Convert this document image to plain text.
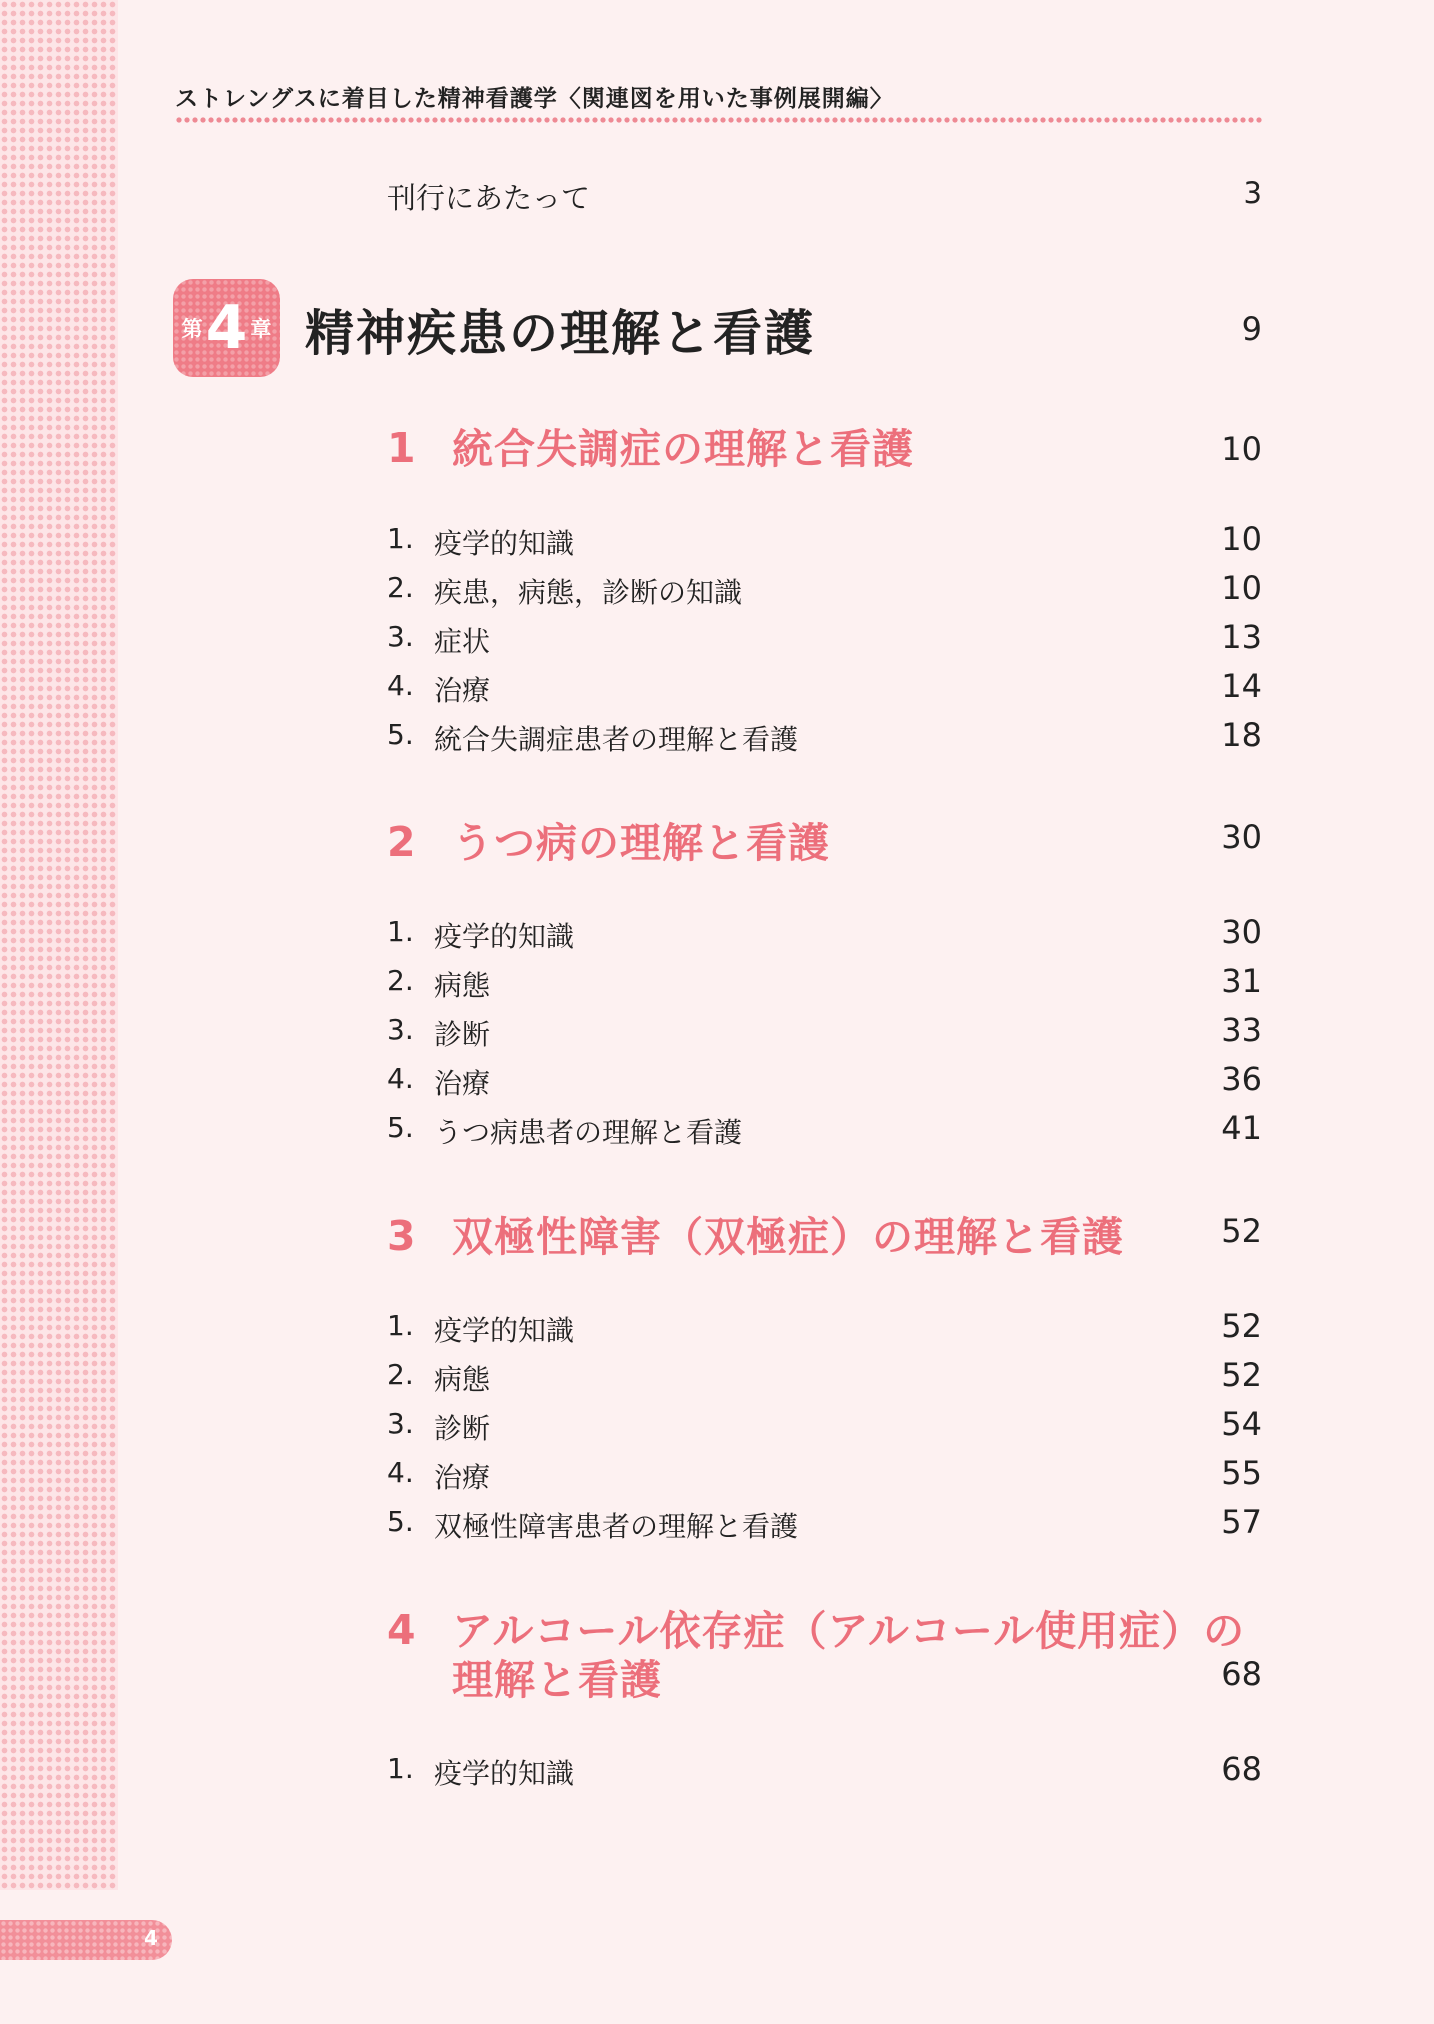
ストレングスに着目した精神看護学〈関連図を用いた事例展開編〉
刊行にあたって	3
第 4 章 精神疾患の理解と看護	9
1 統合失調症の理解と看護	10
1. 疫学的知識	10
2. 疾患，病態，診断の知識	10
3. 症状	13
4. 治療	14
5. 統合失調症患者の理解と看護	18
2 うつ病の理解と看護	30
1. 疫学的知識	30
2. 病態	31
3. 診断	33
4. 治療	36
5. うつ病患者の理解と看護	41
3 双極性障害（双極症）の理解と看護	52
1. 疫学的知識	52
2. 病態	52
3. 診断	54
4. 治療	55
5. 双極性障害患者の理解と看護	57
4 アルコール依存症（アルコール使用症）の
理解と看護	68
1. 疫学的知識	68
4
